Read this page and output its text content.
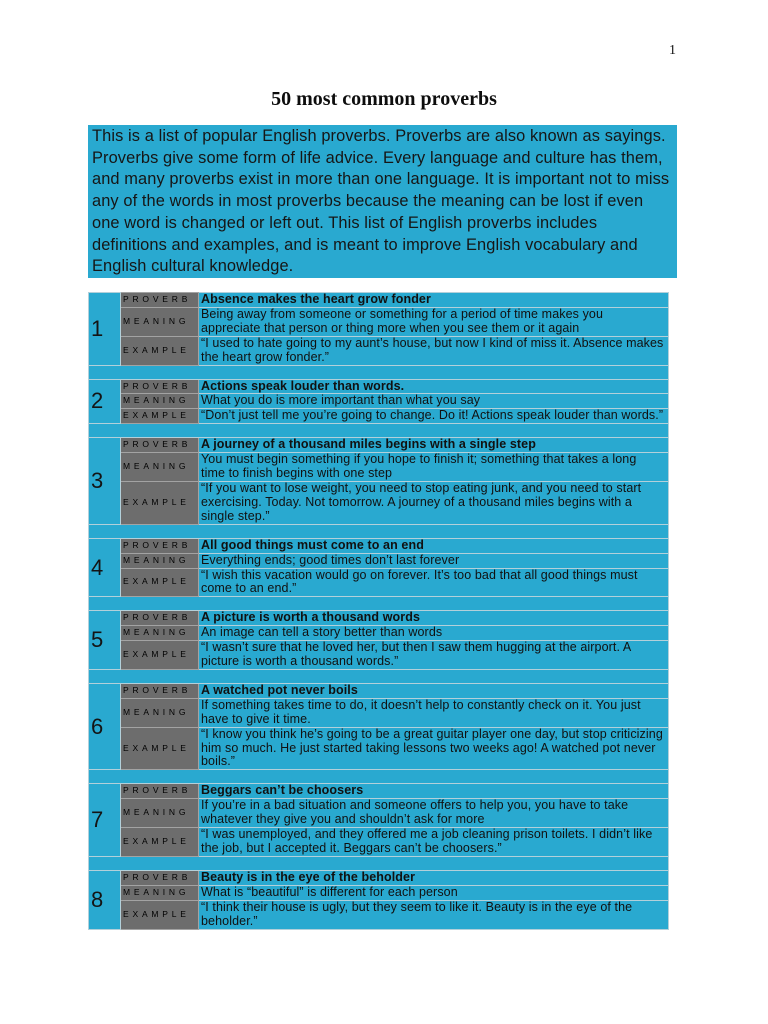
1
50 most common proverbs
This is a list of popular English proverbs. Proverbs are also known as sayings.
Proverbs give some form of life advice. Every language and culture has them,
and many proverbs exist in more than one language. It is important not to miss
any of the words in most proverbs because the meaning can be lost if even
one word is changed or left out. This list of English proverbs includes
definitions and examples, and is meant to improve English vocabulary and
English cultural knowledge.
1	PROVERB	Absence makes the heart grow fonder
	MEANING	Being away from someone or something for a period of time makes you
appreciate that person or thing more when you see them or it again
	EXAMPLE	“I used to hate going to my aunt’s house, but now I kind of miss it. Absence makes
the heart grow fonder.”

2	PROVERB	Actions speak louder than words.
	MEANING	What you do is more important than what you say
	EXAMPLE	“Don’t just tell me you’re going to change. Do it! Actions speak louder than words.”

3	PROVERB	A journey of a thousand miles begins with a single step
	MEANING	You must begin something if you hope to finish it; something that takes a long
time to finish begins with one step
	EXAMPLE	“If you want to lose weight, you need to stop eating junk, and you need to start
exercising. Today. Not tomorrow. A journey of a thousand miles begins with a
single step.”

4	PROVERB	All good things must come to an end
	MEANING	Everything ends; good times don’t last forever
	EXAMPLE	“I wish this vacation would go on forever. It’s too bad that all good things must
come to an end.”

5	PROVERB	A picture is worth a thousand words
	MEANING	An image can tell a story better than words
	EXAMPLE	“I wasn’t sure that he loved her, but then I saw them hugging at the airport. A
picture is worth a thousand words.”

6	PROVERB	A watched pot never boils
	MEANING	If something takes time to do, it doesn’t help to constantly check on it. You just
have to give it time.
	EXAMPLE	“I know you think he’s going to be a great guitar player one day, but stop criticizing
him so much. He just started taking lessons two weeks ago! A watched pot never
boils.”

7	PROVERB	Beggars can’t be choosers
	MEANING	If you’re in a bad situation and someone offers to help you, you have to take
whatever they give you and shouldn’t ask for more
	EXAMPLE	“I was unemployed, and they offered me a job cleaning prison toilets. I didn’t like
the job, but I accepted it. Beggars can’t be choosers.”

8	PROVERB	Beauty is in the eye of the beholder
	MEANING	What is “beautiful” is different for each person
	EXAMPLE	“I think their house is ugly, but they seem to like it. Beauty is in the eye of the
beholder.”
